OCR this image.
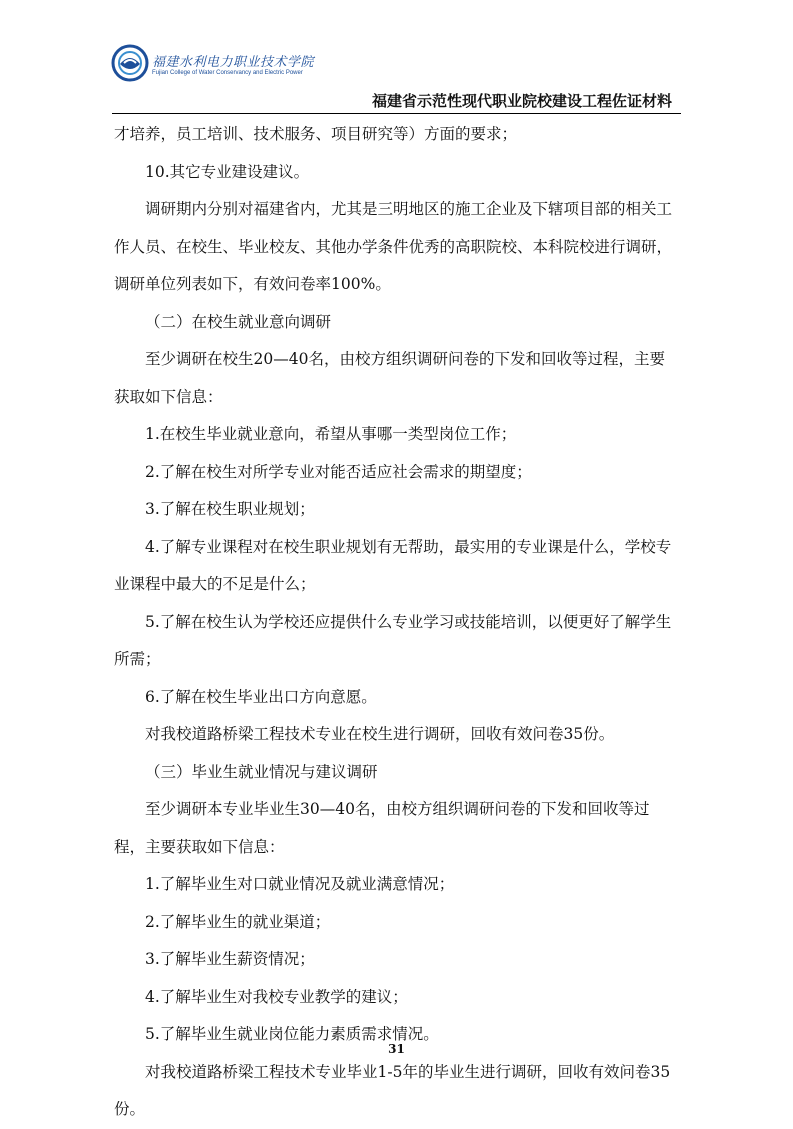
福建水利电力职业技术学院
Fujian College of Water Conservancy and Electric Power
福建省示范性现代职业院校建设工程佐证材料

才培养，员工培训、技术服务、项目研究等）方面的要求；

10.其它专业建设建议。

调研期内分别对福建省内，尤其是三明地区的施工企业及下辖项目部的相关工作人员、在校生、毕业校友、其他办学条件优秀的高职院校、本科院校进行调研，调研单位列表如下，有效问卷率100%。

（二）在校生就业意向调研

至少调研在校生20—40名，由校方组织调研问卷的下发和回收等过程，主要获取如下信息：

1.在校生毕业就业意向，希望从事哪一类型岗位工作；

2.了解在校生对所学专业对能否适应社会需求的期望度；

3.了解在校生职业规划；

4.了解专业课程对在校生职业规划有无帮助，最实用的专业课是什么，学校专业课程中最大的不足是什么；

5.了解在校生认为学校还应提供什么专业学习或技能培训，以便更好了解学生所需；

6.了解在校生毕业出口方向意愿。

对我校道路桥梁工程技术专业在校生进行调研，回收有效问卷35份。

（三）毕业生就业情况与建议调研

至少调研本专业毕业生30—40名，由校方组织调研问卷的下发和回收等过程，主要获取如下信息：

1.了解毕业生对口就业情况及就业满意情况；

2.了解毕业生的就业渠道；

3.了解毕业生薪资情况；

4.了解毕业生对我校专业教学的建议；

5.了解毕业生就业岗位能力素质需求情况。

对我校道路桥梁工程技术专业毕业1-5年的毕业生进行调研，回收有效问卷35份。

31
